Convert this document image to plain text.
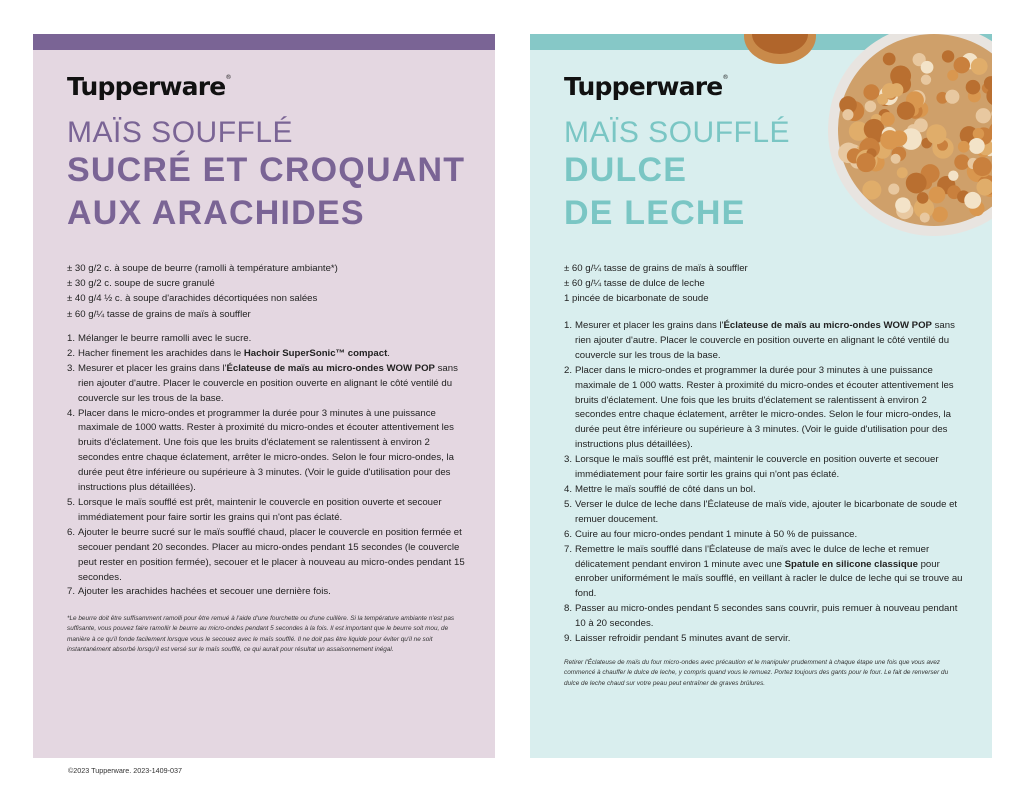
Tupperware®
MAÏS SOUFFLÉ
SUCRÉ ET CROQUANT
AUX ARACHIDES
± 30 g/2 c. à soupe de beurre (ramolli à température ambiante*)
± 30 g/2 c. soupe de sucre granulé
± 40 g/4 ½ c. à soupe d'arachides décortiquées non salées
± 60 g/¼ tasse de grains de maïs à souffler
1. Mélanger le beurre ramolli avec le sucre.
2. Hacher finement les arachides dans le Hachoir SuperSonic™ compact.
3. Mesurer et placer les grains dans l'Éclateuse de maïs au micro-ondes WOW POP sans rien ajouter d'autre. Placer le couvercle en position ouverte en alignant le côté ventilé du couvercle sur les trous de la base.
4. Placer dans le micro-ondes et programmer la durée pour 3 minutes à une puissance maximale de 1000 watts. Rester à proximité du micro-ondes et écouter attentivement les bruits d'éclatement. Une fois que les bruits d'éclatement se ralentissent à environ 2 secondes entre chaque éclatement, arrêter le micro-ondes. Selon le four micro-ondes, la durée peut être inférieure ou supérieure à 3 minutes. (Voir le guide d'utilisation pour des instructions plus détaillées).
5. Lorsque le maïs soufflé est prêt, maintenir le couvercle en position ouverte et secouer immédiatement pour faire sortir les grains qui n'ont pas éclaté.
6. Ajouter le beurre sucré sur le maïs soufflé chaud, placer le couvercle en position fermée et secouer pendant 20 secondes. Placer au micro-ondes pendant 15 secondes (le couvercle peut rester en position fermée), secouer et le placer à nouveau au micro-ondes pendant 15 secondes.
7. Ajouter les arachides hachées et secouer une dernière fois.
*Le beurre doit être suffisamment ramolli pour être remué à l'aide d'une fourchette ou d'une cuillère. Si la température ambiante n'est pas suffisante, vous pouvez faire ramollir le beurre au micro-ondes pendant 5 secondes à la fois. Il est important que le beurre soit mou, de manière à ce qu'il fonde facilement lorsque vous le secouez avec le maïs soufflé. Il ne doit pas être liquide pour éviter qu'il ne soit instantanément absorbé lorsqu'il est versé sur le maïs soufflé, ce qui aurait pour résultat un assaisonnement inégal.
Tupperware®
MAÏS SOUFFLÉ
DULCE
DE LECHE
± 60 g/¼ tasse de grains de maïs à souffler
± 60 g/¼ tasse de dulce de leche
1 pincée de bicarbonate de soude
1. Mesurer et placer les grains dans l'Éclateuse de maïs au micro-ondes WOW POP sans rien ajouter d'autre. Placer le couvercle en position ouverte en alignant le côté ventilé du couvercle sur les trous de la base.
2. Placer dans le micro-ondes et programmer la durée pour 3 minutes à une puissance maximale de 1 000 watts. Rester à proximité du micro-ondes et écouter attentivement les bruits d'éclatement. Une fois que les bruits d'éclatement se ralentissent à environ 2 secondes entre chaque éclatement, arrêter le micro-ondes. Selon le four micro-ondes, la durée peut être inférieure ou supérieure à 3 minutes. (Voir le guide d'utilisation pour des instructions plus détaillées).
3. Lorsque le maïs soufflé est prêt, maintenir le couvercle en position ouverte et secouer immédiatement pour faire sortir les grains qui n'ont pas éclaté.
4. Mettre le maïs soufflé de côté dans un bol.
5. Verser le dulce de leche dans l'Éclateuse de maïs vide, ajouter le bicarbonate de soude et remuer doucement.
6. Cuire au four micro-ondes pendant 1 minute à 50 % de puissance.
7. Remettre le maïs soufflé dans l'Éclateuse de maïs avec le dulce de leche et remuer délicatement pendant environ 1 minute avec une Spatule en silicone classique pour enrober uniformément le maïs soufflé, en veillant à racler le dulce de leche qui se trouve au fond.
8. Passer au micro-ondes pendant 5 secondes sans couvrir, puis remuer à nouveau pendant 10 à 20 secondes.
9. Laisser refroidir pendant 5 minutes avant de servir.
Retirer l'Éclateuse de maïs du four micro-ondes avec précaution et le manipuler prudemment à chaque étape une fois que vous avez commencé à chauffer le dulce de leche, y compris quand vous le remuez. Portez toujours des gants pour le four. Le fait de renverser du dulce de leche chaud sur votre peau peut entraîner de graves brûlures.
©2023 Tupperware. 2023-1409-037
